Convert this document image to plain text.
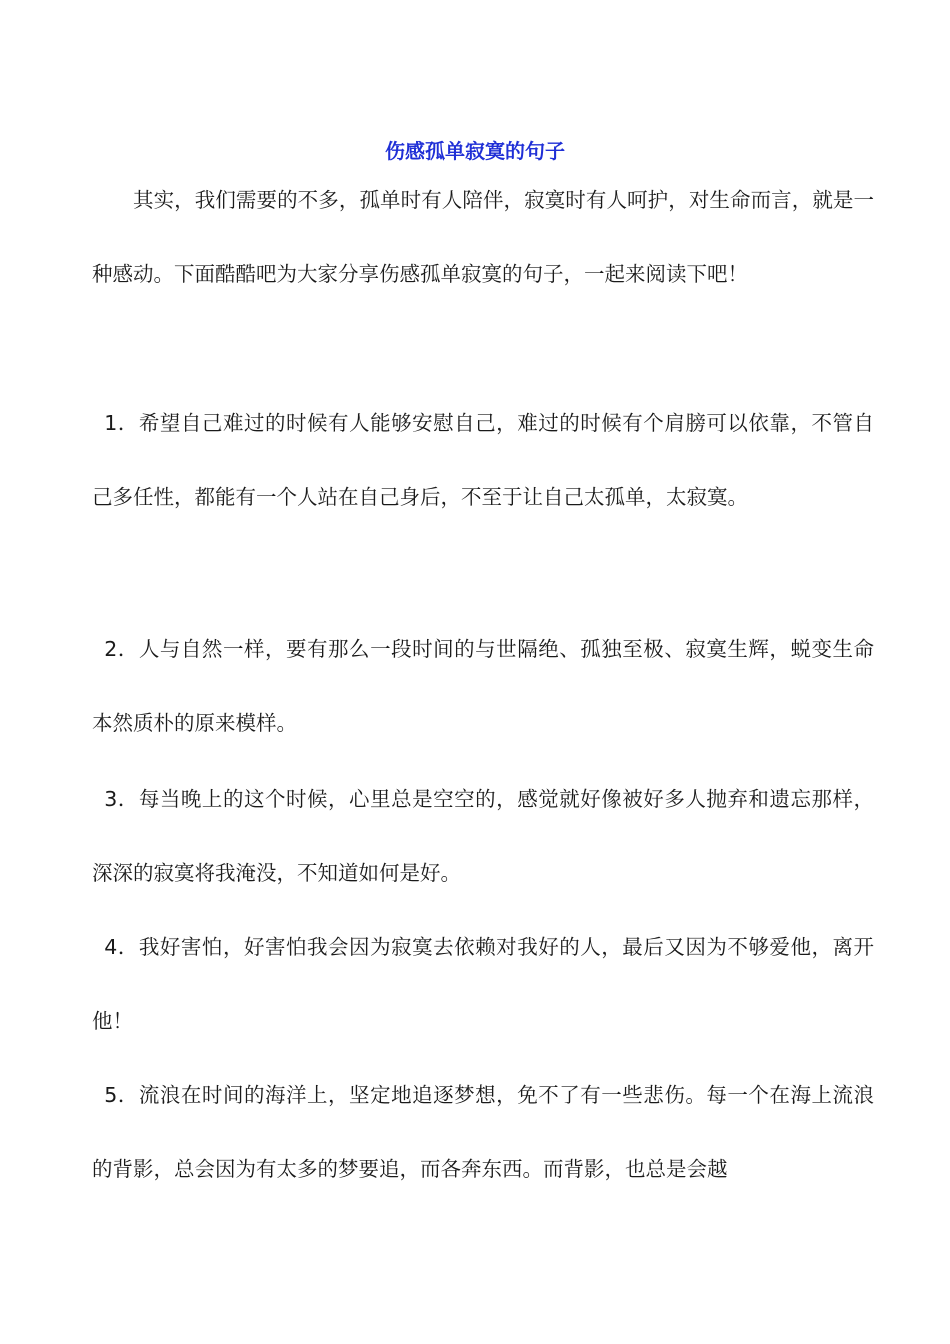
伤感孤单寂寞的句子

其实，我们需要的不多，孤单时有人陪伴，寂寞时有人呵护，对生命而言，就是一种感动。下面酷酷吧为大家分享伤感孤单寂寞的句子，一起来阅读下吧！

1．希望自己难过的时候有人能够安慰自己，难过的时候有个肩膀可以依靠，不管自己多任性，都能有一个人站在自己身后，不至于让自己太孤单，太寂寞。

2．人与自然一样，要有那么一段时间的与世隔绝、孤独至极、寂寞生辉，蜕变生命本然质朴的原来模样。

3．每当晚上的这个时候，心里总是空空的，感觉就好像被好多人抛弃和遗忘那样，深深的寂寞将我淹没，不知道如何是好。

4．我好害怕，好害怕我会因为寂寞去依赖对我好的人，最后又因为不够爱他，离开他！

5．流浪在时间的海洋上，坚定地追逐梦想，免不了有一些悲伤。每一个在海上流浪的背影，总会因为有太多的梦要追，而各奔东西。而背影，也总是会越
